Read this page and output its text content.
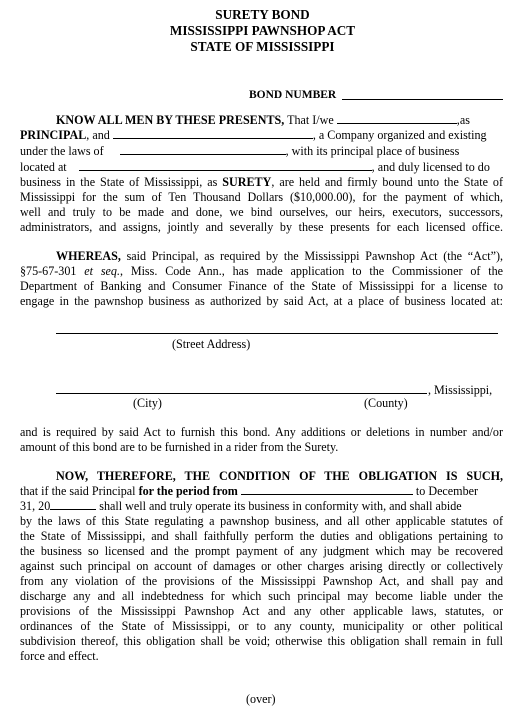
SURETY BOND
MISSISSIPPI PAWNSHOP ACT
STATE OF MISSISSIPPI
BOND NUMBER
KNOW ALL MEN BY THESE PRESENTS, That I/we	,as
PRINCIPAL, and	, a Company organized and existing
under the laws of	, with its principal place of business
located at	, and duly licensed to do
business in the State of Mississippi, as SURETY, are held and firmly bound unto the State of
Mississippi for the sum of Ten Thousand Dollars ($10,000.00), for the payment of which,
well and truly to be made and done, we bind ourselves, our heirs, executors, successors,
administrators, and assigns, jointly and severally by these presents for each licensed office.
WHEREAS, said Principal, as required by the Mississippi Pawnshop Act (the “Act”),
§75-67-301 et seq., Miss. Code Ann., has made application to the Commissioner of the
Department of Banking and Consumer Finance of the State of Mississippi for a license to
engage in the pawnshop business as authorized by said Act, at a place of business located at:
(Street Address)
, Mississippi,
(City)	(County)
and is required by said Act to furnish this bond. Any additions or deletions in number and/or
amount of this bond are to be furnished in a rider from the Surety.
NOW, THEREFORE, THE CONDITION OF THE OBLIGATION IS SUCH,
that if the said Principal for the period from	to December
31, 20	shall well and truly operate its business in conformity with, and shall abide
by the laws of this State regulating a pawnshop business, and all other applicable statutes of
the State of Mississippi, and shall faithfully perform the duties and obligations pertaining to
the business so licensed and the prompt payment of any judgment which may be recovered
against such principal on account of damages or other charges arising directly or collectively
from any violation of the provisions of the Mississippi Pawnshop Act, and shall pay and
discharge any and all indebtedness for which such principal may become liable under the
provisions of the Mississippi Pawnshop Act and any other applicable laws, statutes, or
ordinances of the State of Mississippi, or to any county, municipality or other political
subdivision thereof, this obligation shall be void; otherwise this obligation shall remain in full
force and effect.
(over)
